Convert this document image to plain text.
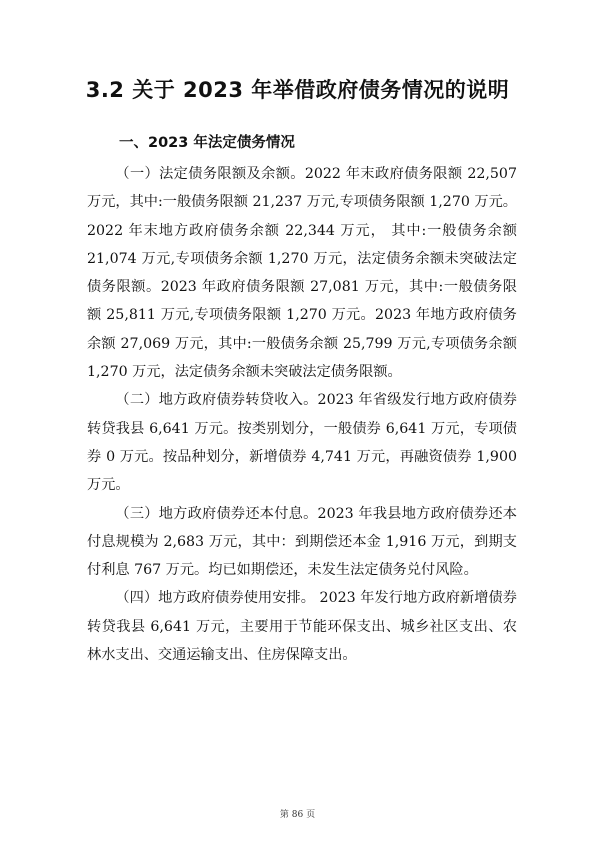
3.2 关于 2023 年举借政府债务情况的说明
一、2023 年法定债务情况

（一）法定债务限额及余额。2022 年末政府债务限额 22,507 万元，其中:一般债务限额 21,237 万元,专项债务限额 1,270 万元。2022 年末地方政府债务余额 22,344 万元， 其中:一般债务余额 21,074 万元,专项债务余额 1,270 万元，法定债务余额未突破法定债务限额。2023 年政府债务限额 27,081 万元，其中:一般债务限额 25,811 万元,专项债务限额 1,270 万元。2023 年地方政府债务余额 27,069 万元，其中:一般债务余额 25,799 万元,专项债务余额 1,270 万元，法定债务余额未突破法定债务限额。

（二）地方政府债券转贷收入。2023 年省级发行地方政府债券转贷我县 6,641 万元。按类别划分，一般债券 6,641 万元，专项债券 0 万元。按品种划分，新增债券 4,741 万元，再融资债券 1,900 万元。

（三）地方政府债券还本付息。2023 年我县地方政府债券还本付息规模为 2,683 万元，其中：到期偿还本金 1,916 万元，到期支付利息 767 万元。均已如期偿还，未发生法定债务兑付风险。

（四）地方政府债券使用安排。 2023 年发行地方政府新增债券转贷我县 6,641 万元，主要用于节能环保支出、城乡社区支出、农林水支出、交通运输支出、住房保障支出。

第 86 页
